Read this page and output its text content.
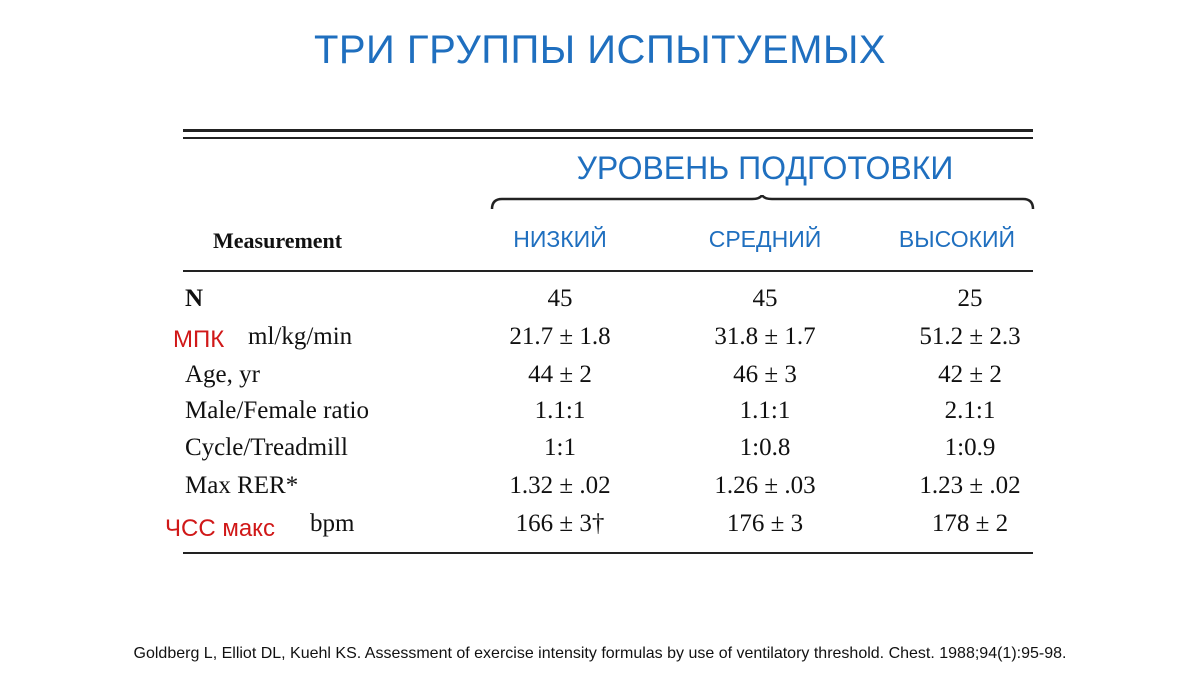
ТРИ ГРУППЫ ИСПЫТУЕМЫХ
УРОВЕНЬ ПОДГОТОВКИ
Measurement	НИЗКИЙ	СРЕДНИЙ	ВЫСОКИЙ
N	45	45	25
ml/kg/min	21.7 ± 1.8	31.8 ± 1.7	51.2 ± 2.3
Age, yr	44 ± 2	46 ± 3	42 ± 2
Male/Female ratio	1.1:1	1.1:1	2.1:1
Cycle/Treadmill	1:1	1:0.8	1:0.9
Max RER*	1.32 ± .02	1.26 ± .03	1.23 ± .02
bpm	166 ± 3†	176 ± 3	178 ± 2
МПК
ЧСС макс
Goldberg L, Elliot DL, Kuehl KS. Assessment of exercise intensity formulas by use of ventilatory threshold. Chest. 1988;94(1):95-98.
